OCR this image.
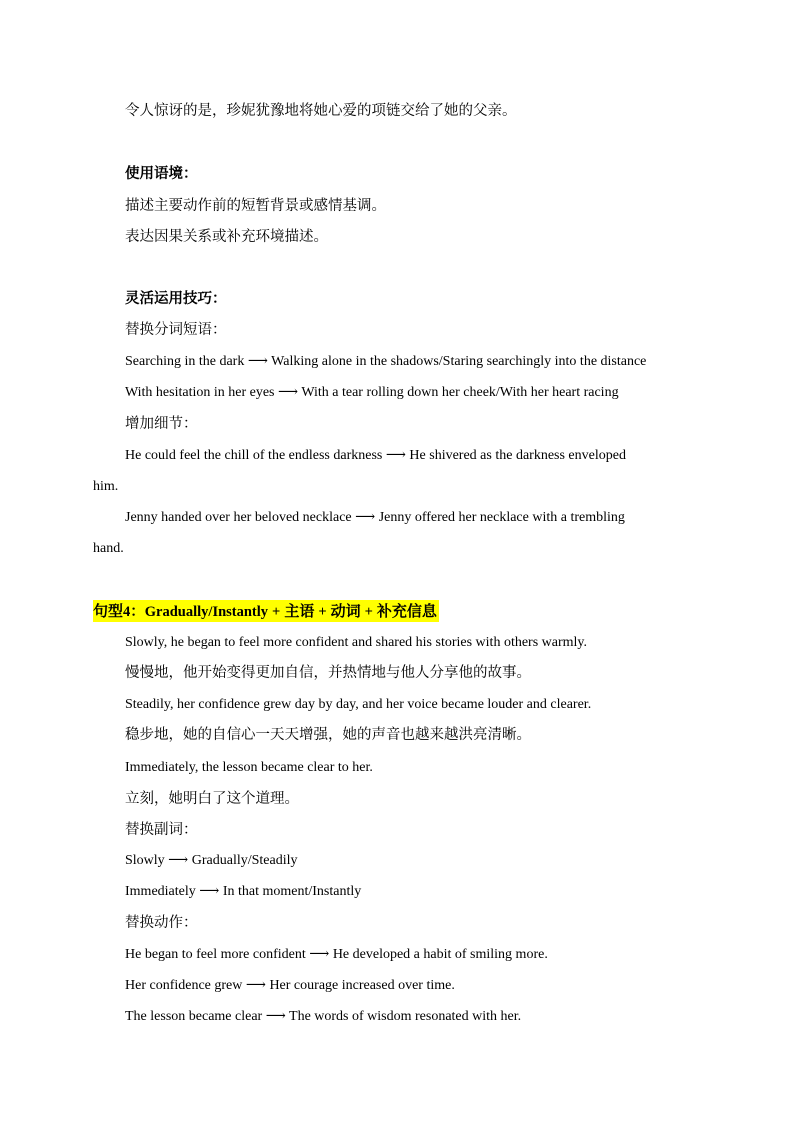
令人惊讶的是，珍妮犹豫地将她心爱的项链交给了她的父亲。
使用语境：
描述主要动作前的短暂背景或感情基调。
表达因果关系或补充环境描述。
灵活运用技巧：
替换分词短语：
Searching in the dark ⟶ Walking alone in the shadows/Staring searchingly into the distance
With hesitation in her eyes ⟶ With a tear rolling down her cheek/With her heart racing
增加细节：
He could feel the chill of the endless darkness ⟶ He shivered as the darkness enveloped
him.
Jenny handed over her beloved necklace ⟶ Jenny offered her necklace with a trembling
hand.
句型4：Gradually/Instantly + 主语 + 动词 + 补充信息
Slowly, he began to feel more confident and shared his stories with others warmly.
慢慢地，他开始变得更加自信，并热情地与他人分享他的故事。
Steadily, her confidence grew day by day, and her voice became louder and clearer.
稳步地，她的自信心一天天增强，她的声音也越来越洪亮清晰。
Immediately, the lesson became clear to her.
立刻，她明白了这个道理。
替换副词：
Slowly ⟶ Gradually/Steadily
Immediately ⟶ In that moment/Instantly
替换动作：
He began to feel more confident ⟶ He developed a habit of smiling more.
Her confidence grew ⟶ Her courage increased over time.
The lesson became clear ⟶ The words of wisdom resonated with her.
